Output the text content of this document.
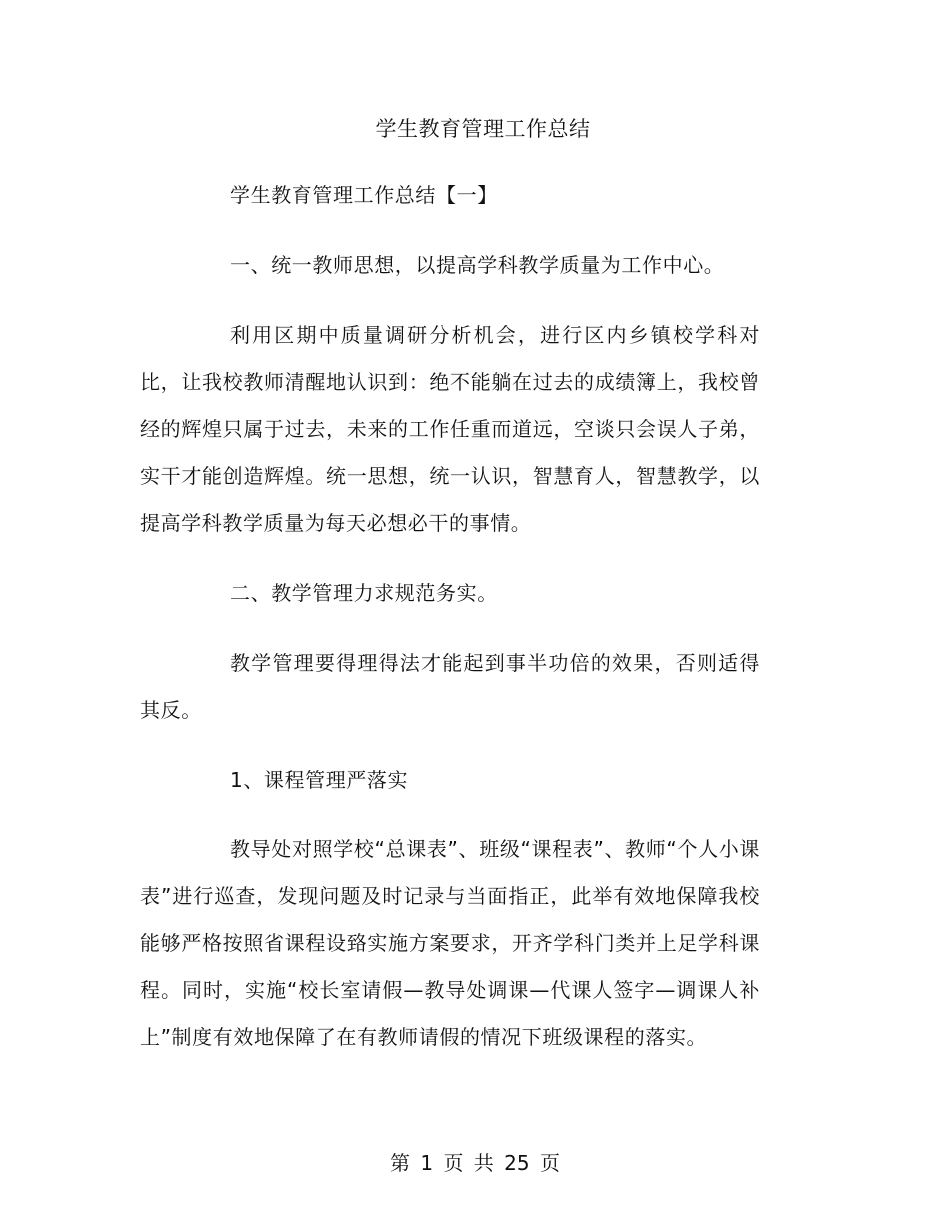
学生教育管理工作总结
学生教育管理工作总结【一】
一、统一教师思想，以提高学科教学质量为工作中心。
利用区期中质量调研分析机会，进行区内乡镇校学科对比，让我校教师清醒地认识到：绝不能躺在过去的成绩簿上，我校曾经的辉煌只属于过去，未来的工作任重而道远，空谈只会误人子弟，实干才能创造辉煌。统一思想，统一认识，智慧育人，智慧教学，以提高学科教学质量为每天必想必干的事情。
二、教学管理力求规范务实。
教学管理要得理得法才能起到事半功倍的效果，否则适得其反。
1、课程管理严落实
教导处对照学校“总课表”、班级“课程表”、教师“个人小课表”进行巡查，发现问题及时记录与当面指正，此举有效地保障我校能够严格按照省课程设臵实施方案要求，开齐学科门类并上足学科课程。同时，实施“校长室请假—教导处调课—代课人签字—调课人补上”制度有效地保障了在有教师请假的情况下班级课程的落实。
第 1 页 共 25 页
